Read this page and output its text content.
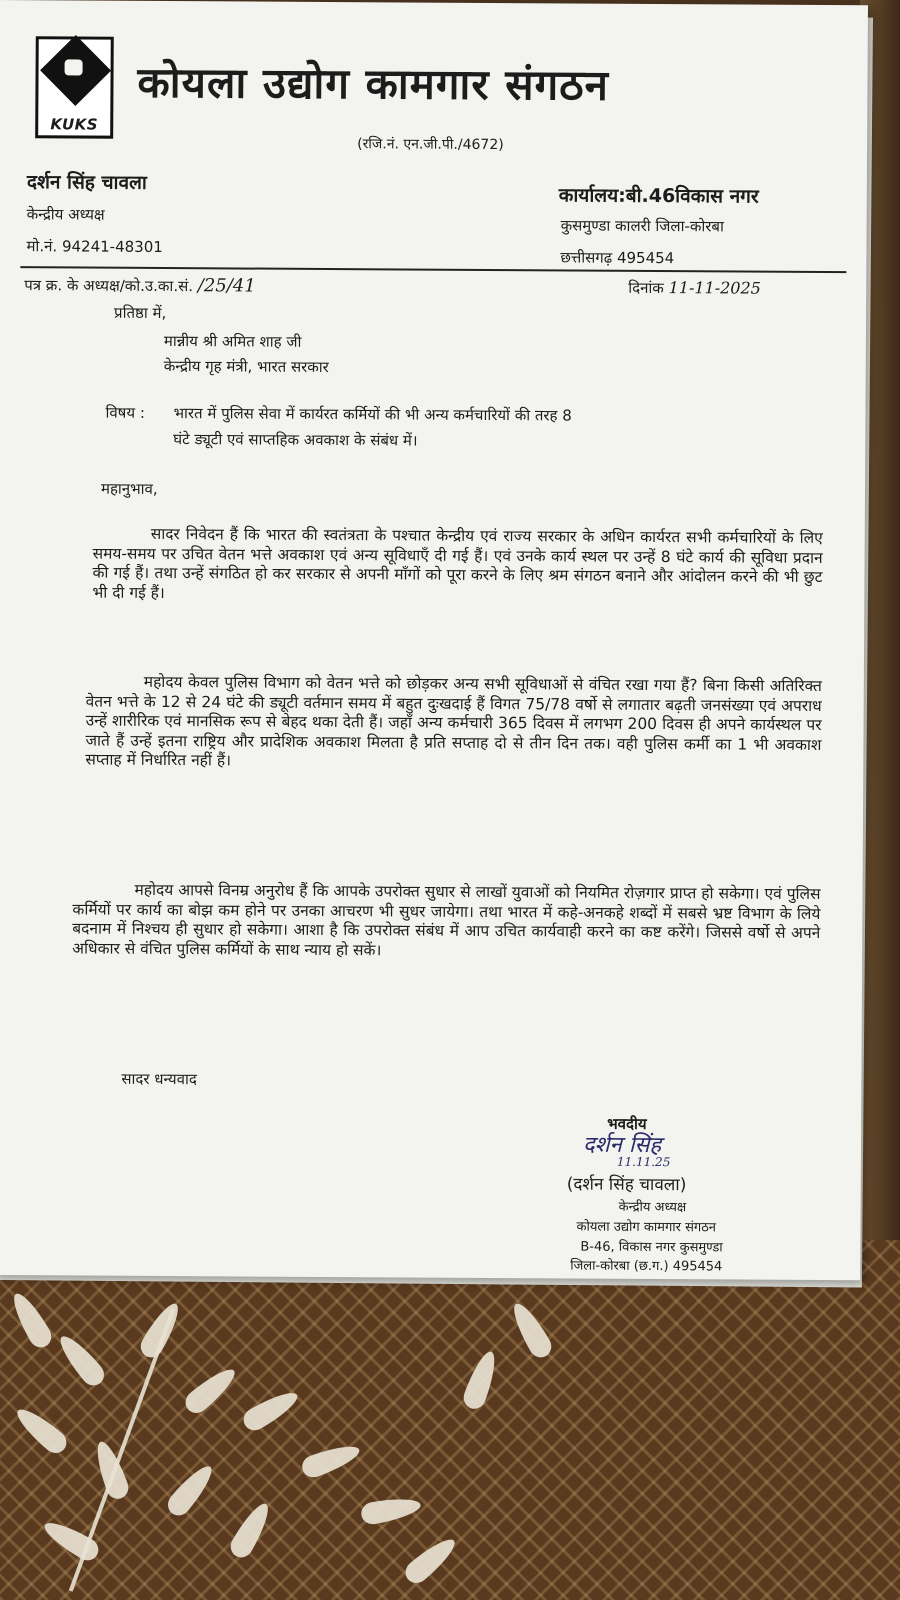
KUKS
कोयला उद्योग कामगार संगठन
(रजि.नं. एन.जी.पी./4672)
दर्शन सिंह चावला
केन्द्रीय अध्यक्ष
मो.नं. 94241-48301
कार्यालय:बी.46विकास नगर
कुसमुण्डा कालरी जिला-कोरबा
छत्तीसगढ़ 495454
पत्र क्र. के अध्यक्ष/को.उ.का.सं. /25/41	दिनांक 11-11-2025
प्रतिष्ठा में,
मान्नीय श्री अमित शाह जी
केन्द्रीय गृह मंत्री, भारत सरकार
विषय : भारत में पुलिस सेवा में कार्यरत कर्मियों की भी अन्य कर्मचारियों की तरह 8
घंटे ड्यूटी एवं साप्तहिक अवकाश के संबंध में।
महानुभाव,

सादर निवेदन हैं कि भारत की स्वतंत्रता के पश्चात केन्द्रीय एवं राज्य सरकार के अधिन कार्यरत सभी कर्मचारियों के लिए समय-समय पर उचित वेतन भत्ते अवकाश एवं अन्य सूविधाएँ दी गई हैं। एवं उनके कार्य स्थल पर उन्हें 8 घंटे कार्य की सूविधा प्रदान की गई हैं। तथा उन्हें संगठित हो कर सरकार से अपनी माँगों को पूरा करने के लिए श्रम संगठन बनाने और आंदोलन करने की भी छुट भी दी गई हैं।

महोदय केवल पुलिस विभाग को वेतन भत्ते को छोड़कर अन्य सभी सूविधाओं से वंचित रखा गया हैं? बिना किसी अतिरिक्त वेतन भत्ते के 12 से 24 घंटे की ड्यूटी वर्तमान समय में बहुत दुःखदाई हैं विगत 75/78 वर्षो से लगातार बढ़ती जनसंख्या एवं अपराध उन्हें शारीरिक एवं मानसिक रूप से बेहद थका देती हैं। जहाँ अन्य कर्मचारी 365 दिवस में लगभग 200 दिवस ही अपने कार्यस्थल पर जाते हैं उन्हें इतना राष्ट्रिय और प्रादेशिक अवकाश मिलता है प्रति सप्ताह दो से तीन दिन तक। वही पुलिस कर्मी का 1 भी अवकाश सप्ताह में निर्धारित नहीं हैं।

महोदय आपसे विनम्र अनुरोध हैं कि आपके उपरोक्त सुधार से लाखों युवाओं को नियमित रोज़गार प्राप्त हो सकेगा। एवं पुलिस कर्मियों पर कार्य का बोझ कम होने पर उनका आचरण भी सुधर जायेगा। तथा भारत में कहे-अनकहे शब्दों में सबसे भ्रष्ट विभाग के लिये बदनाम में निश्चय ही सुधार हो सकेगा। आशा है कि उपरोक्त संबंध में आप उचित कार्यवाही करने का कष्ट करेंगे। जिससे वर्षो से अपने अधिकार से वंचित पुलिस कर्मियों के साथ न्याय हो सकें।

सादर धन्यवाद
भवदीय
दर्शन सिंह
11.11.25
(दर्शन सिंह चावला)
केन्द्रीय अध्यक्ष
कोयला उद्योग कामगार संगठन
B-46, विकास नगर कुसमुण्डा
जिला-कोरबा (छ.ग.) 495454
